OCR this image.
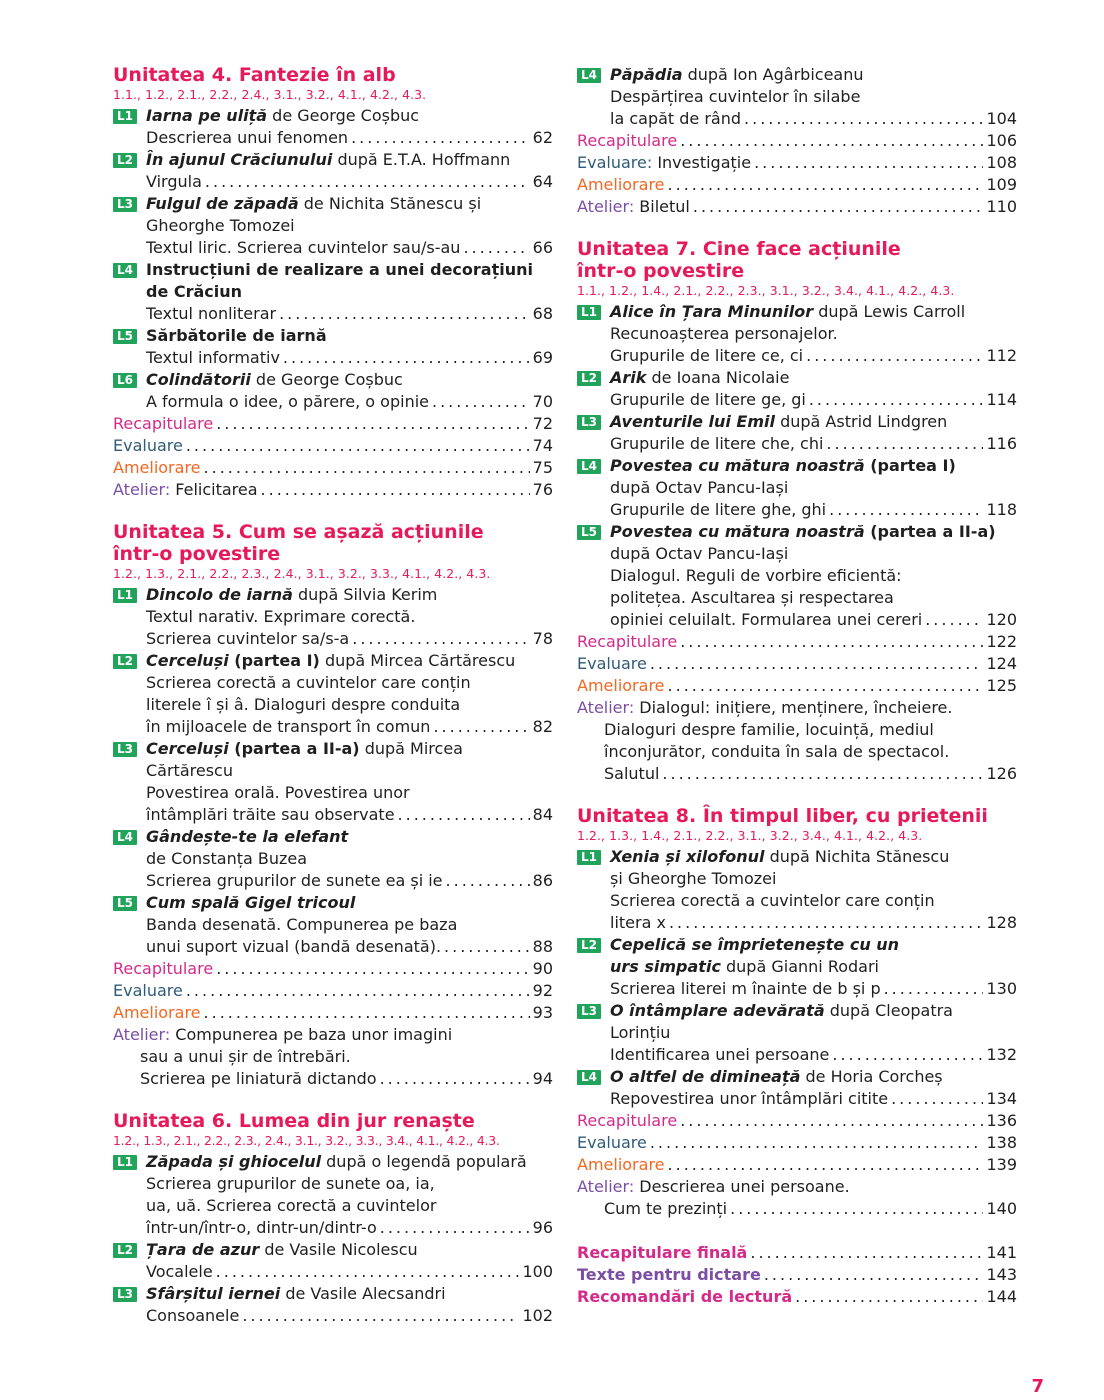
Unitatea 4. Fantezie în alb
1.1., 1.2., 2.1., 2.2., 2.4., 3.1., 3.2., 4.1., 4.2., 4.3.
L1 Iarna pe uliță de George Coșbuc
Descrierea unui fenomen .....	62
L2 În ajunul Crăciunului după E.T.A. Hoffmann
Virgula .....	64
L3 Fulgul de zăpadă de Nichita Stănescu și
Gheorghe Tomozei
Textul liric. Scrierea cuvintelor sau/s-au .....	66
L4 Instrucțiuni de realizare a unei decorațiuni
de Crăciun
Textul nonliterar .....	68
L5 Sărbătorile de iarnă
Textul informativ .....	69
L6 Colindătorii de George Coșbuc
A formula o idee, o părere, o opinie .....	70
Recapitulare .....	72
Evaluare .....	74
Ameliorare .....	75
Atelier: Felicitarea .....	76
Unitatea 5. Cum se așază acțiunile
într-o povestire
1.2., 1.3., 2.1., 2.2., 2.3., 2.4., 3.1., 3.2., 3.3., 4.1., 4.2., 4.3.
L1 Dincolo de iarnă după Silvia Kerim
Textul narativ. Exprimare corectă.
Scrierea cuvintelor sa/s-a .....	78
L2 Cerceluși (partea I) după Mircea Cărtărescu
Scrierea corectă a cuvintelor care conțin
literele î și â. Dialoguri despre conduita
în mijloacele de transport în comun .....	82
L3 Cerceluși (partea a II-a) după Mircea
Cărtărescu
Povestirea orală. Povestirea unor
întâmplări trăite sau observate .....	84
L4 Gândește-te la elefant
de Constanța Buzea
Scrierea grupurilor de sunete ea și ie .....	86
L5 Cum spală Gigel tricoul
Banda desenată. Compunerea pe baza
unui suport vizual (bandă desenată). .....	88
Recapitulare .....	90
Evaluare .....	92
Ameliorare .....	93
Atelier: Compunerea pe baza unor imagini
sau a unui șir de întrebări.
Scrierea pe liniatură dictando .....	94
Unitatea 6. Lumea din jur renaște
1.2., 1.3., 2.1., 2.2., 2.3., 2.4., 3.1., 3.2., 3.3., 3.4., 4.1., 4.2., 4.3.
L1 Zăpada și ghiocelul după o legendă populară
Scrierea grupurilor de sunete oa, ia,
ua, uă. Scrierea corectă a cuvintelor
într-un/într-o, dintr-un/dintr-o .....	96
L2 Țara de azur de Vasile Nicolescu
Vocalele .....	100
L3 Sfârșitul iernei de Vasile Alecsandri
Consoanele .....	102
L4 Păpădia după Ion Agârbiceanu
Despărțirea cuvintelor în silabe
la capăt de rând .....	104
Recapitulare .....	106
Evaluare: Investigație .....	108
Ameliorare .....	109
Atelier: Biletul .....	110
Unitatea 7. Cine face acțiunile
într-o povestire
1.1., 1.2., 1.4., 2.1., 2.2., 2.3., 3.1., 3.2., 3.4., 4.1., 4.2., 4.3.
L1 Alice în Țara Minunilor după Lewis Carroll
Recunoașterea personajelor.
Grupurile de litere ce, ci .....	112
L2 Arik de Ioana Nicolaie
Grupurile de litere ge, gi .....	114
L3 Aventurile lui Emil după Astrid Lindgren
Grupurile de litere che, chi .....	116
L4 Povestea cu mătura noastră (partea I)
după Octav Pancu-Iași
Grupurile de litere ghe, ghi .....	118
L5 Povestea cu mătura noastră (partea a II-a)
după Octav Pancu-Iași
Dialogul. Reguli de vorbire eficientă:
politețea. Ascultarea și respectarea
opiniei celuilalt. Formularea unei cereri .....	120
Recapitulare .....	122
Evaluare .....	124
Ameliorare .....	125
Atelier: Dialogul: inițiere, menținere, încheiere.
Dialoguri despre familie, locuință, mediul
înconjurător, conduita în sala de spectacol.
Salutul .....	126
Unitatea 8. În timpul liber, cu prietenii
1.2., 1.3., 1.4., 2.1., 2.2., 3.1., 3.2., 3.4., 4.1., 4.2., 4.3.
L1 Xenia și xilofonul după Nichita Stănescu
și Gheorghe Tomozei
Scrierea corectă a cuvintelor care conțin
litera x .....	128
L2 Cepelică se împrietenește cu un
urs simpatic după Gianni Rodari
Scrierea literei m înainte de b și p .....	130
L3 O întâmplare adevărată după Cleopatra
Lorințiu
Identificarea unei persoane .....	132
L4 O altfel de dimineață de Horia Corcheș
Repovestirea unor întâmplări citite .....	134
Recapitulare .....	136
Evaluare .....	138
Ameliorare .....	139
Atelier: Descrierea unei persoane.
Cum te prezinți .....	140
Recapitulare finală .....	141
Texte pentru dictare .....	143
Recomandări de lectură .....	144
7
